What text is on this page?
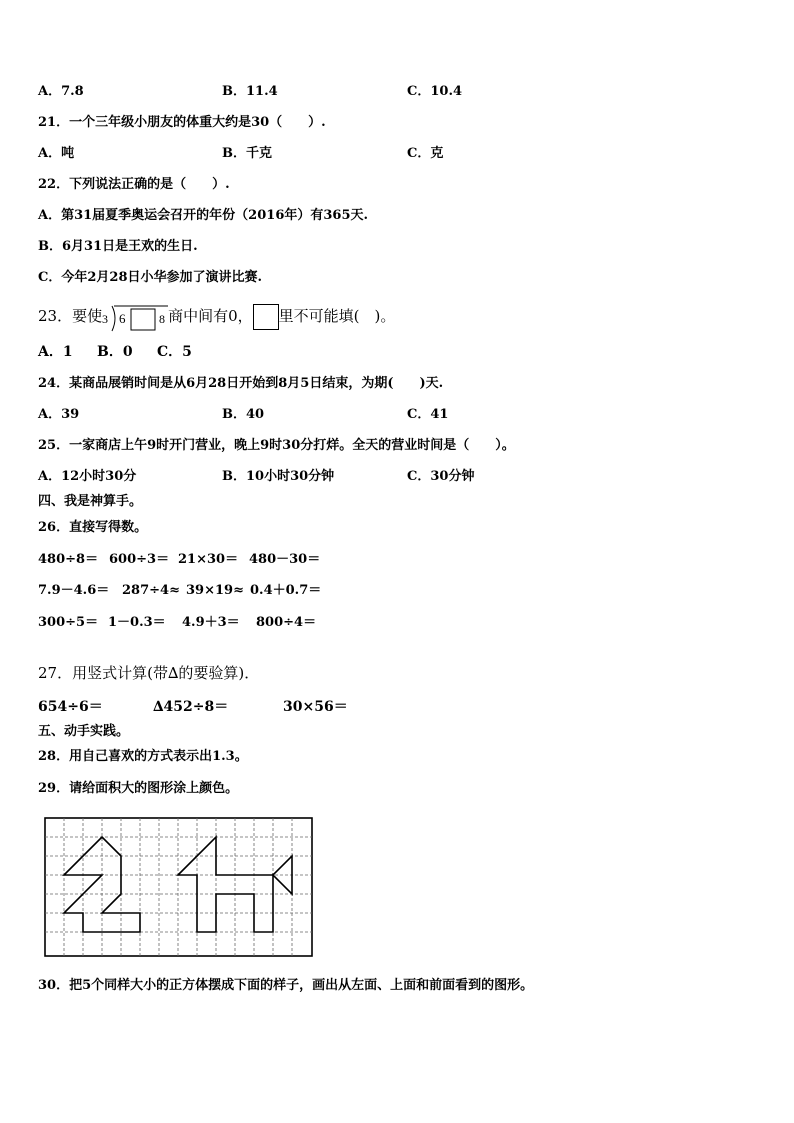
A．7.8	B．11.4	C．10.4
21．一个三年级小朋友的体重大约是30（　　）.
A．吨	B．千克	C．克
22．下列说法正确的是（　　）.
A．第31届夏季奥运会召开的年份（2016年）有365天.
B．6月31日是王欢的生日.
C．今年2月28日小华参加了演讲比赛.
23．要使 3 6	8 商中间有0， 里不可能填(　)。
A．1 B．0 C．5
24．某商品展销时间是从6月28日开始到8月5日结束，为期(　　)天.
A．39	B．40	C．41
25．一家商店上午9时开门营业，晚上9时30分打烊。全天的营业时间是（　　）。
A．12小时30分	B．10小时30分钟	C．30分钟
四、我是神算手。
26．直接写得数。
480÷8＝ 600÷3＝ 21×30＝ 480－30＝
7.9－4.6＝ 287÷4≈ 39×19≈ 0.4＋0.7＝
300÷5＝ 1－0.3＝ 4.9＋3＝ 800÷4＝
27．用竖式计算(带∆的要验算)．
654÷6＝	∆452÷8＝	30×56＝
五、动手实践。
28．用自己喜欢的方式表示出1.3。
29．请给面积大的图形涂上颜色。
30．把5个同样大小的正方体摆成下面的样子，画出从左面、上面和前面看到的图形。
